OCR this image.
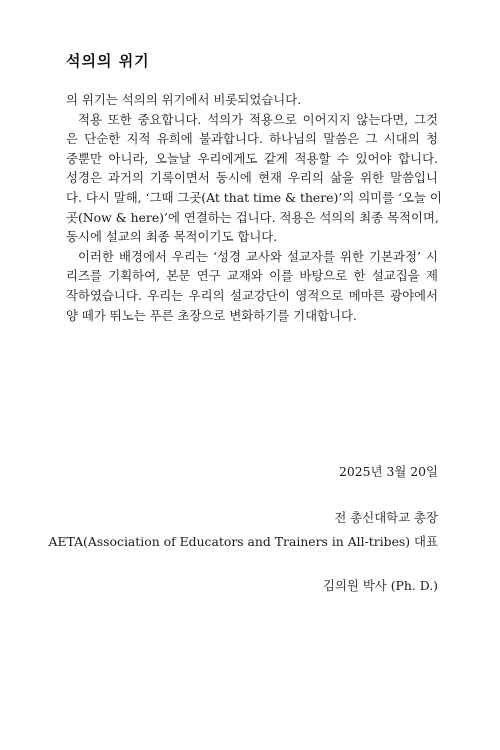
석의의 위기
의 위기는 석의의 위기에서 비롯되었습니다.
적용 또한 중요합니다. 석의가 적용으로 이어지지 않는다면, 그것
은 단순한 지적 유희에 불과합니다. 하나님의 말씀은 그 시대의 청
중뿐만 아니라, 오늘날 우리에게도 같게 적용할 수 있어야 합니다.
성경은 과거의 기록이면서 동시에 현재 우리의 삶을 위한 말씀입니
다. 다시 말해, ‘그때 그곳(At that time & there)’의 의미를 ‘오늘 이
곳(Now & here)’에 연결하는 겁니다. 적용은 석의의 최종 목적이며,
동시에 설교의 최종 목적이기도 합니다.
이러한 배경에서 우리는 ‘성경 교사와 설교자를 위한 기본과정’ 시
리즈를 기획하여, 본문 연구 교재와 이를 바탕으로 한 설교집을 제
작하였습니다. 우리는 우리의 설교강단이 영적으로 메마른 광야에서
양 떼가 뛰노는 푸른 초장으로 변화하기를 기대합니다.
2025년 3월 20일
전 총신대학교 총장
AETA(Association of Educators and Trainers in All-tribes) 대표
김의원 박사 (Ph. D.)
